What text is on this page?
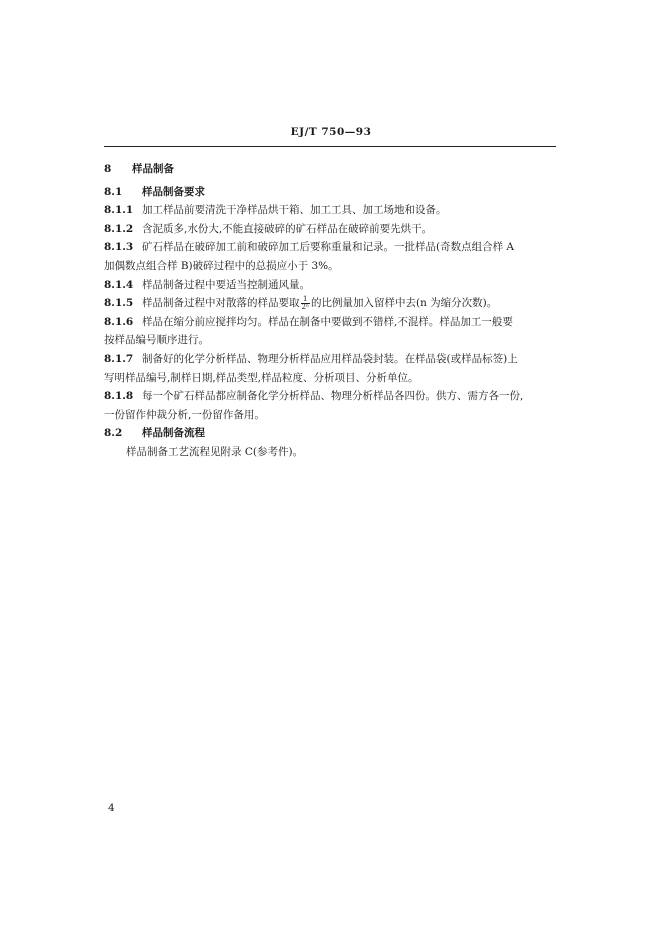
EJ/T 750—93
8 样品制备
8.1 样品制备要求
8.1.1 加工样品前要清洗干净样品烘干箱、加工工具、加工场地和设备。
8.1.2 含泥质多,水份大,不能直接破碎的矿石样品在破碎前要先烘干。
8.1.3 矿石样品在破碎加工前和破碎加工后要称重量和记录。一批样品(奇数点组合样 A
加偶数点组合样 B)破碎过程中的总损应小于 3%。
8.1.4 样品制备过程中要适当控制通风量。
8.1.5 样品制备过程中对散落的样品要取 $\frac{1}{\text{2ⁿ}}$ 的比例量加入留样中去(n 为缩分次数)。
8.1.6 样品在缩分前应搅拌均匀。样品在制备中要做到不错样,不混样。样品加工一般要
按样品编号顺序进行。
8.1.7 制备好的化学分析样品、物理分析样品应用样品袋封装。在样品袋(或样品标签)上
写明样品编号,制样日期,样品类型,样品粒度、分析项目、分析单位。
8.1.8 每一个矿石样品都应制备化学分析样品、物理分析样品各四份。供方、需方各一份,
一份留作仲裁分析,一份留作备用。
8.2 样品制备流程
样品制备工艺流程见附录 C(参考件)。
4
